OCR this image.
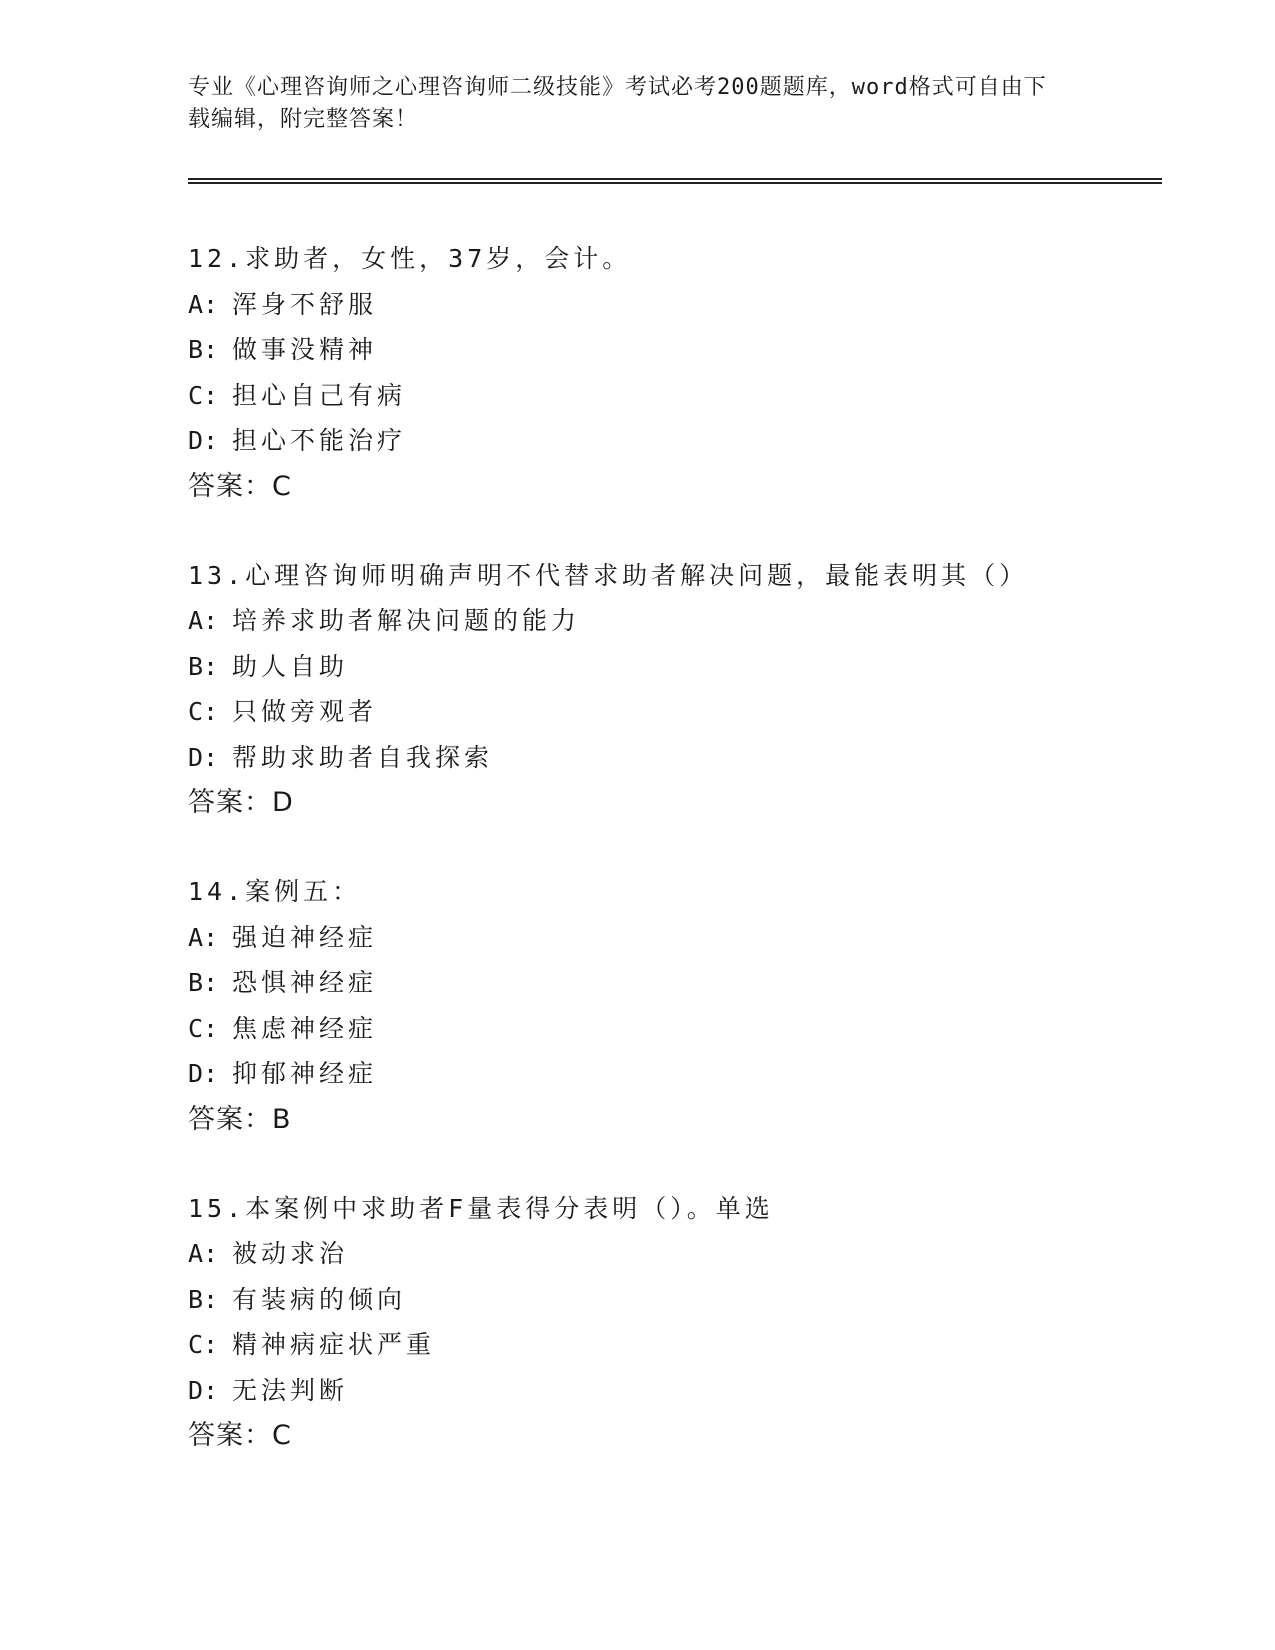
专业《心理咨询师之心理咨询师二级技能》考试必考200题题库，word格式可自由下载编辑，附完整答案！
12.求助者，女性，37岁，会计。
A: 浑身不舒服
B: 做事没精神
C: 担心自己有病
D: 担心不能治疗
答案：C
13.心理咨询师明确声明不代替求助者解决问题，最能表明其（）
A: 培养求助者解决问题的能力
B: 助人自助
C: 只做旁观者
D: 帮助求助者自我探索
答案：D
14.案例五：
A: 强迫神经症
B: 恐惧神经症
C: 焦虑神经症
D: 抑郁神经症
答案：B
15.本案例中求助者F量表得分表明（）。单选
A: 被动求治
B: 有装病的倾向
C: 精神病症状严重
D: 无法判断
答案：C
